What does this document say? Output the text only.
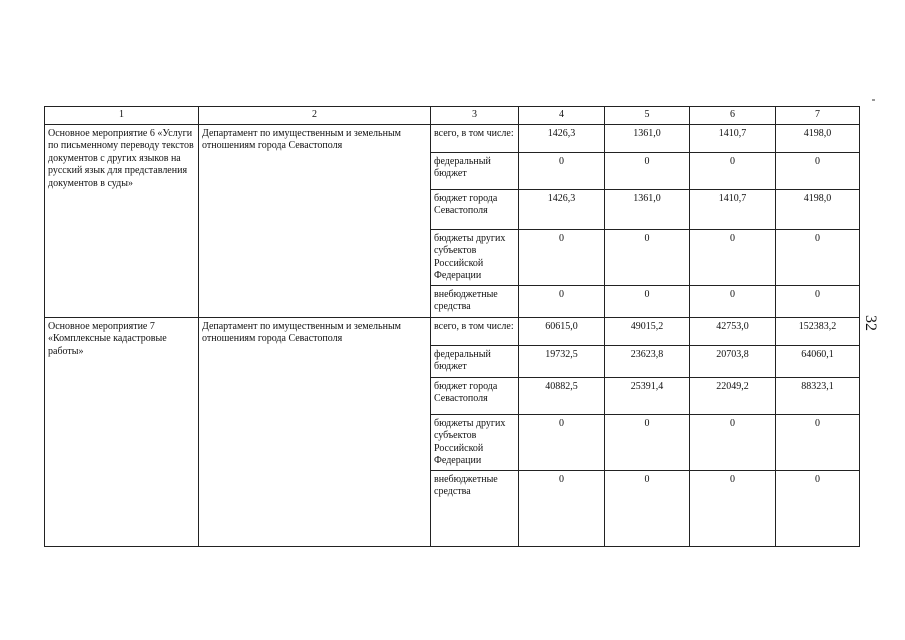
1	2	3	4	5	6	7
Основное мероприятие 6 «Услуги по письменному переводу текстов документов с других языков на русский язык для представления документов в суды»	Департамент по имущественным и земельным отношениям города Севастополя	всего, в том числе:	1426,3	1361,0	1410,7	4198,0
		федеральный бюджет	0	0	0	0
		бюджет города Севастополя	1426,3	1361,0	1410,7	4198,0
		бюджеты других субъектов Российской Федерации	0	0	0	0
		внебюджетные средства	0	0	0	0
Основное мероприятие 7 «Комплексные кадастровые работы»	Департамент по имущественным и земельным отношениям города Севастополя	всего, в том числе:	60615,0	49015,2	42753,0	152383,2
		федеральный бюджет	19732,5	23623,8	20703,8	64060,1
		бюджет города Севастополя	40882,5	25391,4	22049,2	88323,1
		бюджеты других субъектов Российской Федерации	0	0	0	0
		внебюджетные средства	0	0	0	0
32
